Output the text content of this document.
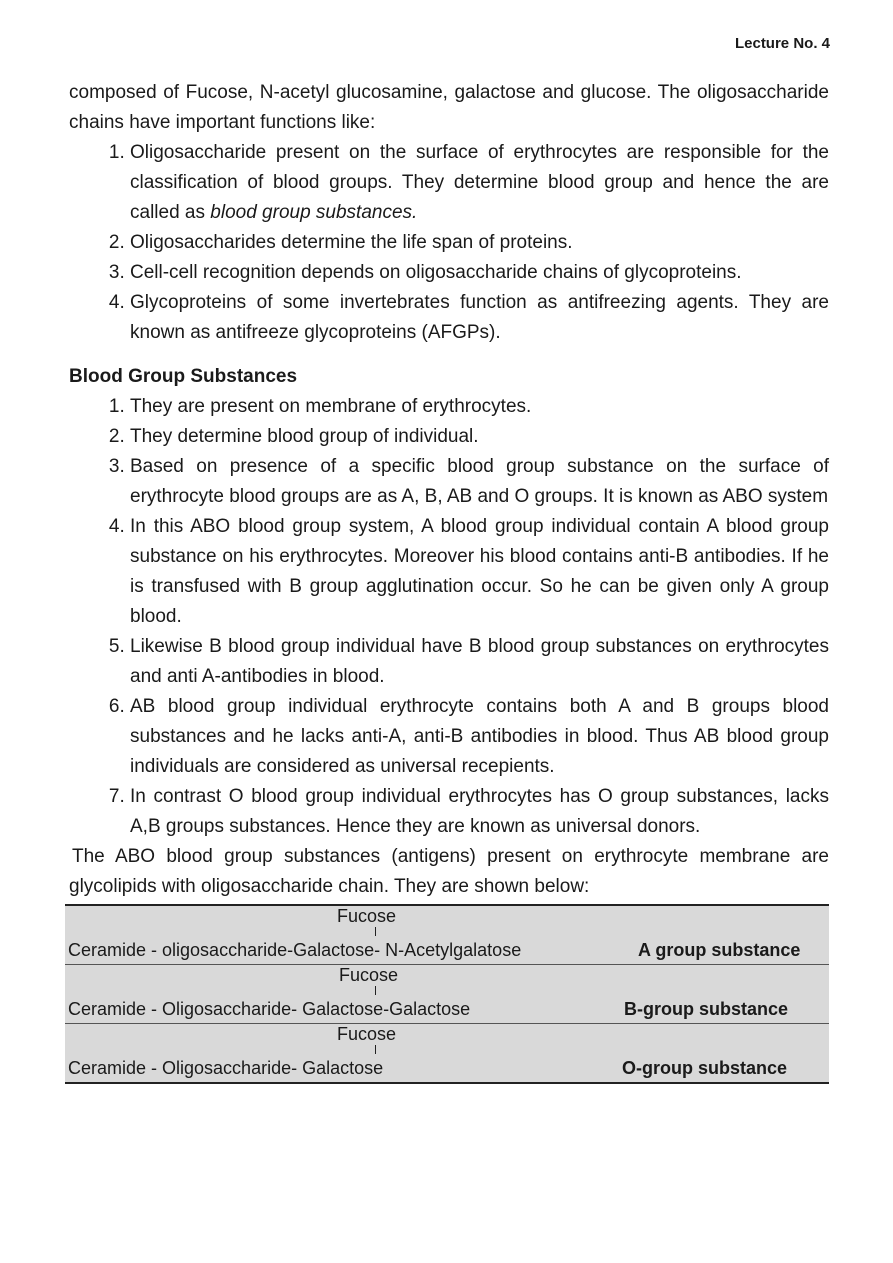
Lecture No. 4

composed of Fucose, N-acetyl glucosamine, galactose and glucose. The oligosaccharide chains have important functions like:

1. Oligosaccharide present on the surface of erythrocytes are responsible for the classification of blood groups. They determine blood group and hence the are called as blood group substances.
2. Oligosaccharides determine the life span of proteins.
3. Cell-cell recognition depends on oligosaccharide chains of glycoproteins.
4. Glycoproteins of some invertebrates function as antifreezing agents. They are known as antifreeze glycoproteins (AFGPs).
Blood Group Substances
1. They are present on membrane of erythrocytes.
2. They determine blood group of individual.
3. Based on presence of a specific blood group substance on the surface of erythrocyte blood groups are as A, B, AB and O groups. It is known as ABO system
4. In this ABO blood group system, A blood group individual contain A blood group substance on his erythrocytes. Moreover his blood contains anti-B antibodies. If he is transfused with B group agglutination occur. So he can be given only A group blood.
5. Likewise B blood group individual have B blood group substances on erythrocytes and anti A-antibodies in blood.
6. AB blood group individual erythrocyte contains both A and B groups blood substances and he lacks anti-A, anti-B antibodies in blood. Thus AB blood group individuals are considered as universal recepients.
7. In contrast O blood group individual erythrocytes has O group substances, lacks A,B groups substances. Hence they are known as universal donors.

The ABO blood group substances (antigens) present on erythrocyte membrane are glycolipids with oligosaccharide chain. They are shown below:

Fucose
Ceramide - oligosaccharide-Galactose- N-Acetylgalatose	A group substance
Fucose
Ceramide - Oligosaccharide- Galactose-Galactose	B-group substance
Fucose
Ceramide - Oligosaccharide- Galactose	O-group substance
